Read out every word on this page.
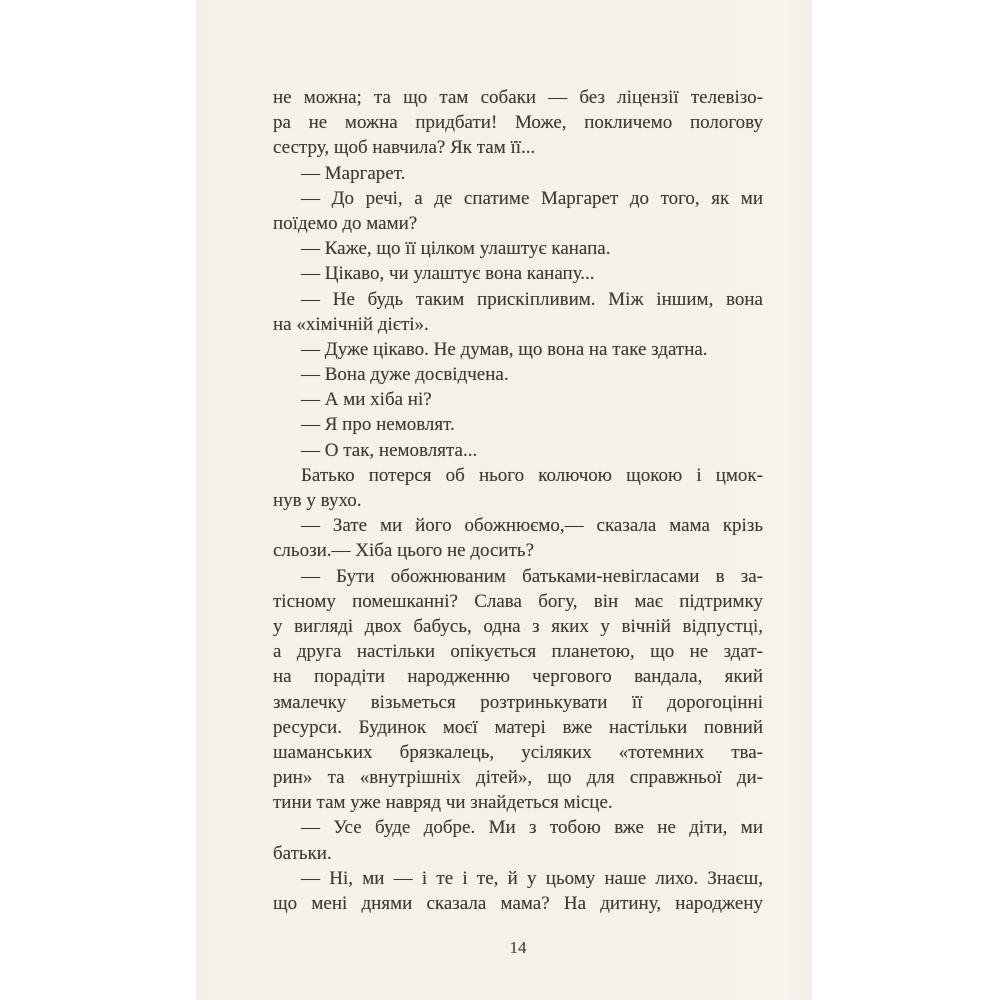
не можна; та що там собаки — без ліцензії телевізо-
ра не можна придбати! Може, покличемо пологову
сестру, щоб навчила? Як там її...
— Маргарет.
— До речі, а де спатиме Маргарет до того, як ми
поїдемо до мами?
— Каже, що її цілком улаштує канапа.
— Цікаво, чи улаштує вона канапу...
— Не будь таким прискіпливим. Між іншим, вона
на «хімічній дієті».
— Дуже цікаво. Не думав, що вона на таке здатна.
— Вона дуже досвідчена.
— А ми хіба ні?
— Я про немовлят.
— О так, немовлята...
Батько потерся об нього колючою щокою і цмок-
нув у вухо.
— Зате ми його обожнюємо,— сказала мама крізь
сльози.— Хіба цього не досить?
— Бути обожнюваним батьками-невігласами в за-
тісному помешканні? Слава богу, він має підтримку
у вигляді двох бабусь, одна з яких у вічній відпустці,
а друга настільки опікується планетою, що не здат-
на порадіти народженню чергового вандала, який
змалечку візьметься розтринькувати її дорогоцінні
ресурси. Будинок моєї матері вже настільки повний
шаманських брязкалець, усіляких «тотемних тва-
рин» та «внутрішніх дітей», що для справжньої ди-
тини там уже навряд чи знайдеться місце.
— Усе буде добре. Ми з тобою вже не діти, ми
батьки.
— Ні, ми — і те і те, й у цьому наше лихо. Знаєш,
що мені днями сказала мама? На дитину, народжену
14
